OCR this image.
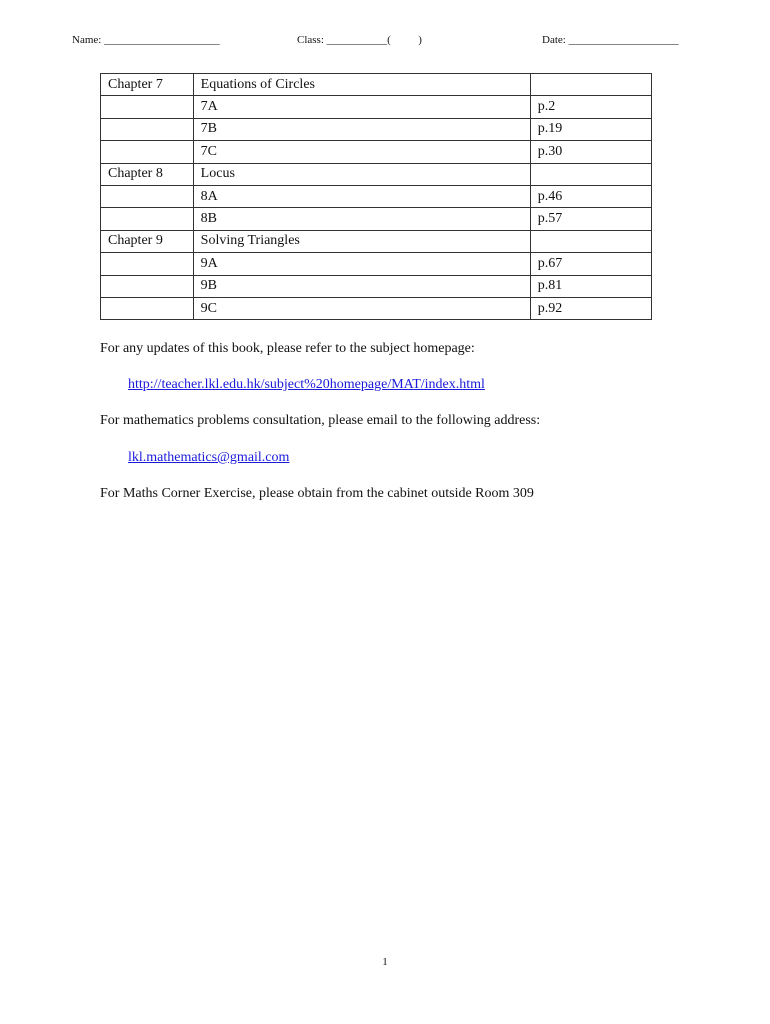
Name: _____________________	Class: ___________(          )	Date: ____________________
Chapter 7	Equations of Circles	
	7A	p.2
	7B	p.19
	7C	p.30
Chapter 8	Locus	
	8A	p.46
	8B	p.57
Chapter 9	Solving Triangles	
	9A	p.67
	9B	p.81
	9C	p.92
For any updates of this book, please refer to the subject homepage:
http://teacher.lkl.edu.hk/subject%20homepage/MAT/index.html
For mathematics problems consultation, please email to the following address:
lkl.mathematics@gmail.com
For Maths Corner Exercise, please obtain from the cabinet outside Room 309
1
